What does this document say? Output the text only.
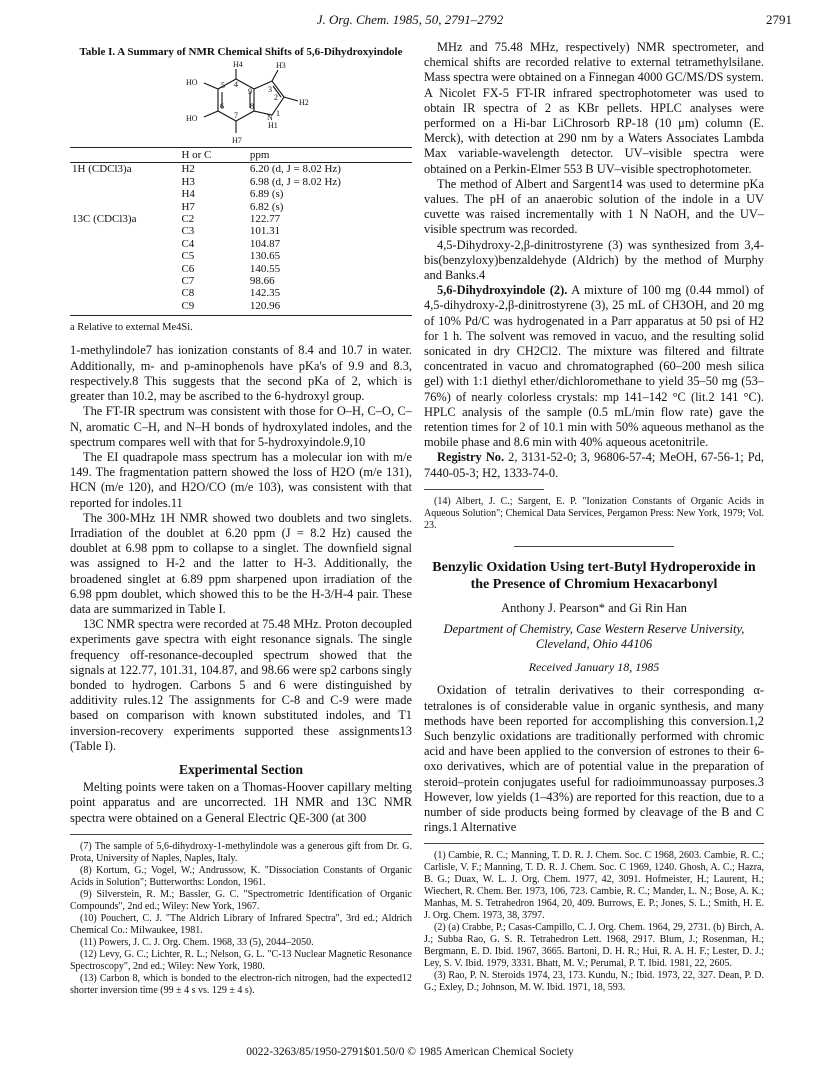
J. Org. Chem. 1985, 50, 2791–2792	2791
Table I. A Summary of NMR Chemical Shifts of 5,6-Dihydroxyindole
H4	H3
HO	5 4
9 3
2
H2
HO
6
7
8
N 1
H1
H7
	H or C	ppm
1H (CDCl3)a	H2	6.20 (d, J = 8.02 Hz)
	H3	6.98 (d, J = 8.02 Hz)
	H4	6.89 (s)
	H7	6.82 (s)
13C (CDCl3)a	C2	122.77
	C3	101.31
	C4	104.87
	C5	130.65
	C6	140.55
	C7	98.66
	C8	142.35
	C9	120.96
a Relative to external Me4Si.

1-methylindole7 has ionization constants of 8.4 and 10.7 in water. Additionally, m- and p-aminophenols have pKa's of 9.9 and 8.3, respectively.8 This suggests that the second pKa of 2, which is greater than 10.2, may be ascribed to the 6-hydroxyl group.

The FT-IR spectrum was consistent with those for O–H, C–O, C–N, aromatic C–H, and N–H bonds of hydroxylated indoles, and the spectrum compares well with that for 5-hydroxyindole.9,10

The EI quadrapole mass spectrum has a molecular ion with m/e 149. The fragmentation pattern showed the loss of H2O (m/e 131), HCN (m/e 120), and H2O/CO (m/e 103), was consistent with that reported for indoles.11

The 300-MHz 1H NMR showed two doublets and two singlets. Irradiation of the doublet at 6.20 ppm (J = 8.2 Hz) caused the doublet at 6.98 ppm to collapse to a singlet. The downfield signal was assigned to H-2 and the latter to H-3. Additionally, the broadened singlet at 6.89 ppm sharpened upon irradiation of the 6.98 ppm doublet, which showed this to be the H-3/H-4 pair. These data are summarized in Table I.

13C NMR spectra were recorded at 75.48 MHz. Proton decoupled experiments gave spectra with eight resonance signals. The single frequency off-resonance-decoupled spectrum showed that the signals at 122.77, 101.31, 104.87, and 98.66 were sp2 carbons singly bonded to hydrogen. Carbons 5 and 6 were distinguished by additivity rules.12 The assignments for C-8 and C-9 were made based on comparison with known substituted indoles, and T1 inversion-recovery experiments supported these assignments13 (Table I).

Experimental Section

Melting points were taken on a Thomas-Hoover capillary melting point apparatus and are uncorrected. 1H NMR and 13C NMR spectra were obtained on a General Electric QE-300 (at 300

(7) The sample of 5,6-dihydroxy-1-methylindole was a generous gift from Dr. G. Prota, University of Naples, Naples, Italy.

(8) Kortum, G.; Vogel, W.; Andrussow, K. "Dissociation Constants of Organic Acids in Solution"; Butterworths: London, 1961.

(9) Silverstein, R. M.; Bassler, G. C. "Spectrometric Identification of Organic Compounds", 2nd ed.; Wiley: New York, 1967.

(10) Pouchert, C. J. "The Aldrich Library of Infrared Spectra", 3rd ed.; Aldrich Chemical Co.: Milwaukee, 1981.

(11) Powers, J. C. J. Org. Chem. 1968, 33 (5), 2044–2050.

(12) Levy, G. C.; Lichter, R. L.; Nelson, G. L. "C-13 Nuclear Magnetic Resonance Spectroscopy", 2nd ed.; Wiley: New York, 1980.

(13) Carbon 8, which is bonded to the electron-rich nitrogen, had the expected12 shorter inversion time (99 ± 4 s vs. 129 ± 4 s).

MHz and 75.48 MHz, respectively) NMR spectrometer, and chemical shifts are recorded relative to external tetramethylsilane. Mass spectra were obtained on a Finnegan 4000 GC/MS/DS system. A Nicolet FX-5 FT-IR infrared spectrophotometer was used to obtain IR spectra of 2 as KBr pellets. HPLC analyses were performed on a Hi-bar LiChrosorb RP-18 (10 μm) column (E. Merck), with detection at 290 nm by a Waters Associates Lambda Max variable-wavelength detector. UV–visible spectra were obtained on a Perkin-Elmer 553 B UV–visible spectrophotometer.

The method of Albert and Sargent14 was used to determine pKa values. The pH of an anaerobic solution of the indole in a UV cuvette was raised incrementally with 1 N NaOH, and the UV–visible spectrum was recorded.

4,5-Dihydroxy-2,β-dinitrostyrene (3) was synthesized from 3,4-bis(benzyloxy)benzaldehyde (Aldrich) by the method of Murphy and Banks.4

5,6-Dihydroxyindole (2). A mixture of 100 mg (0.44 mmol) of 4,5-dihydroxy-2,β-dinitrostyrene (3), 25 mL of CH3OH, and 20 mg of 10% Pd/C was hydrogenated in a Parr apparatus at 50 psi of H2 for 1 h. The solvent was removed in vacuo, and the resulting solid sonicated in dry CH2Cl2. The mixture was filtered and filtrate concentrated in vacuo and chromatographed (60–200 mesh silica gel) with 1:1 diethyl ether/dichloromethane to yield 35–50 mg (53–76%) of nearly colorless crystals: mp 141–142 °C (lit.2 141 °C). HPLC analysis of the sample (0.5 mL/min flow rate) gave the retention times for 2 of 10.1 min with 50% aqueous methanol as the mobile phase and 8.6 min with 40% aqueous acetonitrile.

Registry No. 2, 3131-52-0; 3, 96806-57-4; MeOH, 67-56-1; Pd, 7440-05-3; H2, 1333-74-0.

(14) Albert, J. C.; Sargent, E. P. "Ionization Constants of Organic Acids in Aqueous Solution"; Chemical Data Services, Pergamon Press: New York, 1979; Vol. 23.

Benzylic Oxidation Using tert-Butyl Hydroperoxide in the Presence of Chromium Hexacarbonyl
Anthony J. Pearson* and Gi Rin Han
Department of Chemistry, Case Western Reserve University, Cleveland, Ohio 44106
Received January 18, 1985

Oxidation of tetralin derivatives to their corresponding α-tetralones is of considerable value in organic synthesis, and many methods have been reported for accomplishing this conversion.1,2 Such benzylic oxidations are traditionally performed with chromic acid and have been applied to the conversion of estrones to their 6-oxo derivatives, which are of potential value in the preparation of steroid–protein conjugates useful for radioimmunoassay purposes.3 However, low yields (1–43%) are reported for this reaction, due to a number of side products being formed by cleavage of the B and C rings.1 Alternative

(1) Cambie, R. C.; Manning, T. D. R. J. Chem. Soc. C 1968, 2603. Cambie, R. C.; Carlisle, V. F.; Manning, T. D. R. J. Chem. Soc. C 1969, 1240. Ghosh, A. C.; Hazra, B. G.; Duax, W. L. J. Org. Chem. 1977, 42, 3091. Hofmeister, H.; Laurent, H.; Wiechert, R. Chem. Ber. 1973, 106, 723. Cambie, R. C.; Mander, L. N.; Bose, A. K.; Manhas, M. S. Tetrahedron 1964, 20, 409. Burrows, E. P.; Jones, S. L.; Smith, H. E. J. Org. Chem. 1973, 38, 3797.

(2) (a) Crabbe, P.; Casas-Campillo, C. J. Org. Chem. 1964, 29, 2731. (b) Birch, A. J.; Subba Rao, G. S. R. Tetrahedron Lett. 1968, 2917. Blum, J.; Rosenman, H.; Bergmann, E. D. Ibid. 1967, 3665. Bartoni, D. H. R.; Hui, R. A. H. F.; Lester, D. J.; Ley, S. V. Ibid. 1979, 3331. Bhatt, M. V.; Perumal, P. T. Ibid. 1981, 22, 2605.

(3) Rao, P. N. Steroids 1974, 23, 173. Kundu, N.; Ibid. 1973, 22, 327. Dean, P. D. G.; Exley, D.; Johnson, M. W. Ibid. 1971, 18, 593.

0022-3263/85/1950-2791$01.50/0 © 1985 American Chemical Society
